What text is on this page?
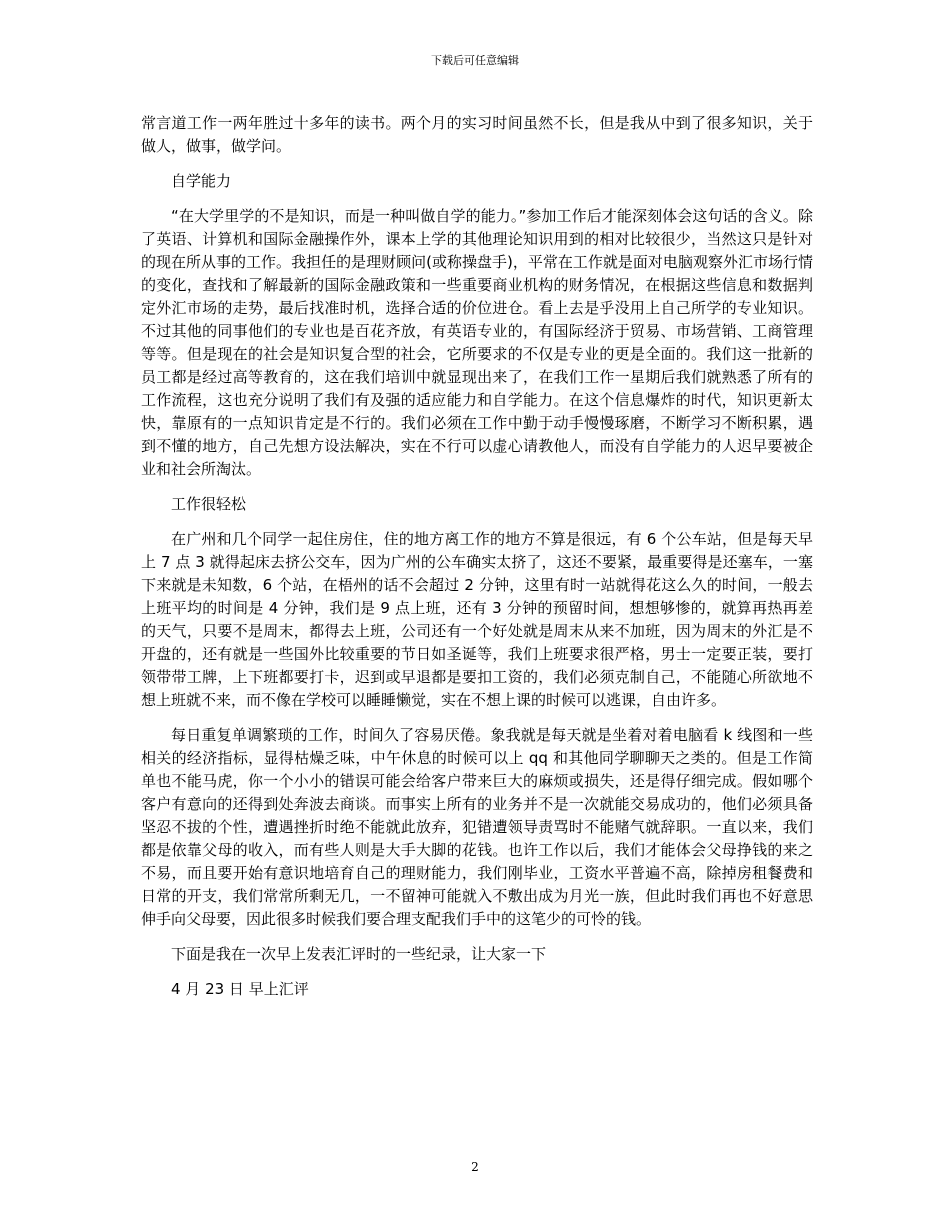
下载后可任意编辑

常言道工作一两年胜过十多年的读书。两个月的实习时间虽然不长，但是我从中到了很多知识，关于做人，做事，做学问。

自学能力

“在大学里学的不是知识，而是一种叫做自学的能力。”参加工作后才能深刻体会这句话的含义。除了英语、计算机和国际金融操作外，课本上学的其他理论知识用到的相对比较很少，当然这只是针对的现在所从事的工作。我担任的是理财顾问(或称操盘手)，平常在工作就是面对电脑观察外汇市场行情的变化，查找和了解最新的国际金融政策和一些重要商业机构的财务情况，在根据这些信息和数据判定外汇市场的走势，最后找准时机，选择合适的价位进仓。看上去是乎没用上自己所学的专业知识。不过其他的同事他们的专业也是百花齐放，有英语专业的，有国际经济于贸易、市场营销、工商管理等等。但是现在的社会是知识复合型的社会，它所要求的不仅是专业的更是全面的。我们这一批新的员工都是经过高等教育的，这在我们培训中就显现出来了，在我们工作一星期后我们就熟悉了所有的工作流程，这也充分说明了我们有及强的适应能力和自学能力。在这个信息爆炸的时代，知识更新太快，靠原有的一点知识肯定是不行的。我们必须在工作中勤于动手慢慢琢磨，不断学习不断积累，遇到不懂的地方，自己先想方设法解决，实在不行可以虚心请教他人，而没有自学能力的人迟早要被企业和社会所淘汰。

工作很轻松

在广州和几个同学一起住房住，住的地方离工作的地方不算是很远，有 6 个公车站，但是每天早上 7 点 3 就得起床去挤公交车，因为广州的公车确实太挤了，这还不要紧，最重要得是还塞车，一塞下来就是未知数，6 个站，在梧州的话不会超过 2 分钟，这里有时一站就得花这么久的时间，一般去上班平均的时间是 4 分钟，我们是 9 点上班，还有 3 分钟的预留时间，想想够惨的，就算再热再差的天气，只要不是周末，都得去上班，公司还有一个好处就是周末从来不加班，因为周末的外汇是不开盘的，还有就是一些国外比较重要的节日如圣诞等，我们上班要求很严格，男士一定要正装，要打领带带工牌，上下班都要打卡，迟到或早退都是要扣工资的，我们必须克制自己，不能随心所欲地不想上班就不来，而不像在学校可以睡睡懒觉，实在不想上课的时候可以逃课，自由许多。

每日重复单调繁琐的工作，时间久了容易厌倦。象我就是每天就是坐着对着电脑看 k 线图和一些相关的经济指标，显得枯燥乏味，中午休息的时候可以上 qq 和其他同学聊聊天之类的。但是工作简单也不能马虎，你一个小小的错误可能会给客户带来巨大的麻烦或损失，还是得仔细完成。假如哪个客户有意向的还得到处奔波去商谈。而事实上所有的业务并不是一次就能交易成功的，他们必须具备坚忍不拔的个性，遭遇挫折时绝不能就此放弃，犯错遭领导责骂时不能赌气就辞职。一直以来，我们都是依靠父母的收入，而有些人则是大手大脚的花钱。也许工作以后，我们才能体会父母挣钱的来之不易，而且要开始有意识地培育自己的理财能力，我们刚毕业，工资水平普遍不高，除掉房租餐费和日常的开支，我们常常所剩无几，一不留神可能就入不敷出成为月光一族，但此时我们再也不好意思伸手向父母要，因此很多时候我们要合理支配我们手中的这笔少的可怜的钱。

下面是我在一次早上发表汇评时的一些纪录，让大家一下

4 月 23 日 早上汇评

2
